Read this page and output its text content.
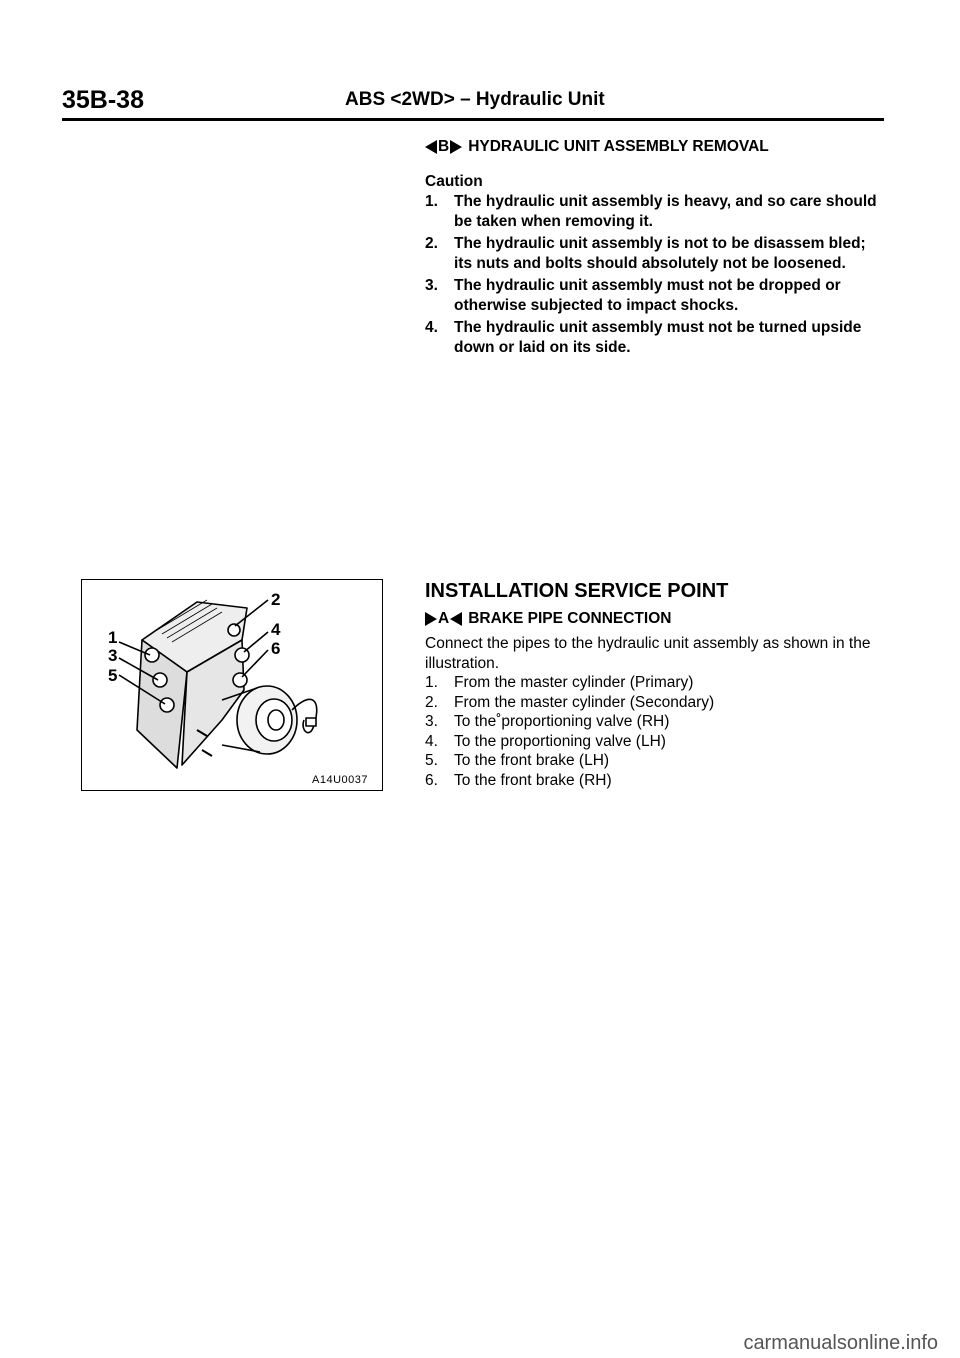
35B-38	ABS <2WD> – Hydraulic Unit
B HYDRAULIC UNIT ASSEMBLY REMOVAL
Caution
1. The hydraulic unit assembly is heavy, and so care should be taken when removing it.
2. The hydraulic unit assembly is not to be disassem bled; its nuts and bolts should absolutely not be loosened.
3. The hydraulic unit assembly must not be dropped or otherwise subjected to impact shocks.
4. The hydraulic unit assembly must not be turned upside down or laid on its side.
1
2
3
4
5
6
A14U0037
INSTALLATION SERVICE POINT
A BRAKE PIPE CONNECTION
Connect the pipes to the hydraulic unit assembly as shown in the illustration.
1. From the master cylinder (Primary)
2. From the master cylinder (Secondary)
3. To the˚proportioning valve (RH)
4. To the proportioning valve (LH)
5. To the front brake (LH)
6. To the front brake (RH)
carmanualsonline.info
